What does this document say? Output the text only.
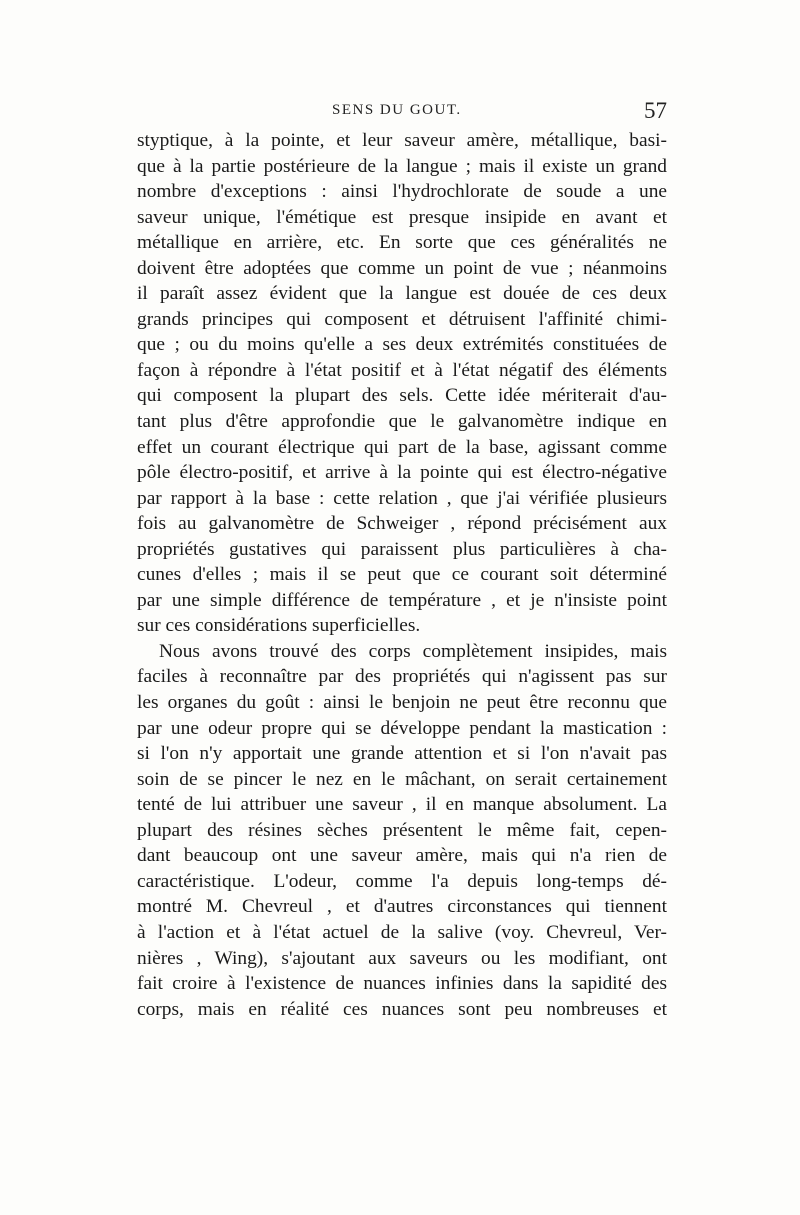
SENS DU GOUT.	57
styptique, à la pointe, et leur saveur amère, métallique, basi-
que à la partie postérieure de la langue ; mais il existe un grand
nombre d'exceptions : ainsi l'hydrochlorate de soude a une
saveur unique, l'émétique est presque insipide en avant et
métallique en arrière, etc. En sorte que ces généralités ne
doivent être adoptées que comme un point de vue ; néanmoins
il paraît assez évident que la langue est douée de ces deux
grands principes qui composent et détruisent l'affinité chimi-
que ; ou du moins qu'elle a ses deux extrémités constituées de
façon à répondre à l'état positif et à l'état négatif des éléments
qui composent la plupart des sels. Cette idée mériterait d'au-
tant plus d'être approfondie que le galvanomètre indique en
effet un courant électrique qui part de la base, agissant comme
pôle électro-positif, et arrive à la pointe qui est électro-négative
par rapport à la base : cette relation , que j'ai vérifiée plusieurs
fois au galvanomètre de Schweiger , répond précisément aux
propriétés gustatives qui paraissent plus particulières à cha-
cunes d'elles ; mais il se peut que ce courant soit déterminé
par une simple différence de température , et je n'insiste point
sur ces considérations superficielles.
Nous avons trouvé des corps complètement insipides, mais
faciles à reconnaître par des propriétés qui n'agissent pas sur
les organes du goût : ainsi le benjoin ne peut être reconnu que
par une odeur propre qui se développe pendant la mastication :
si l'on n'y apportait une grande attention et si l'on n'avait pas
soin de se pincer le nez en le mâchant, on serait certainement
tenté de lui attribuer une saveur , il en manque absolument. La
plupart des résines sèches présentent le même fait, cepen-
dant beaucoup ont une saveur amère, mais qui n'a rien de
caractéristique. L'odeur, comme l'a depuis long-temps dé-
montré M. Chevreul , et d'autres circonstances qui tiennent
à l'action et à l'état actuel de la salive (voy. Chevreul, Ver-
nières , Wing), s'ajoutant aux saveurs ou les modifiant, ont
fait croire à l'existence de nuances infinies dans la sapidité des
corps, mais en réalité ces nuances sont peu nombreuses et
